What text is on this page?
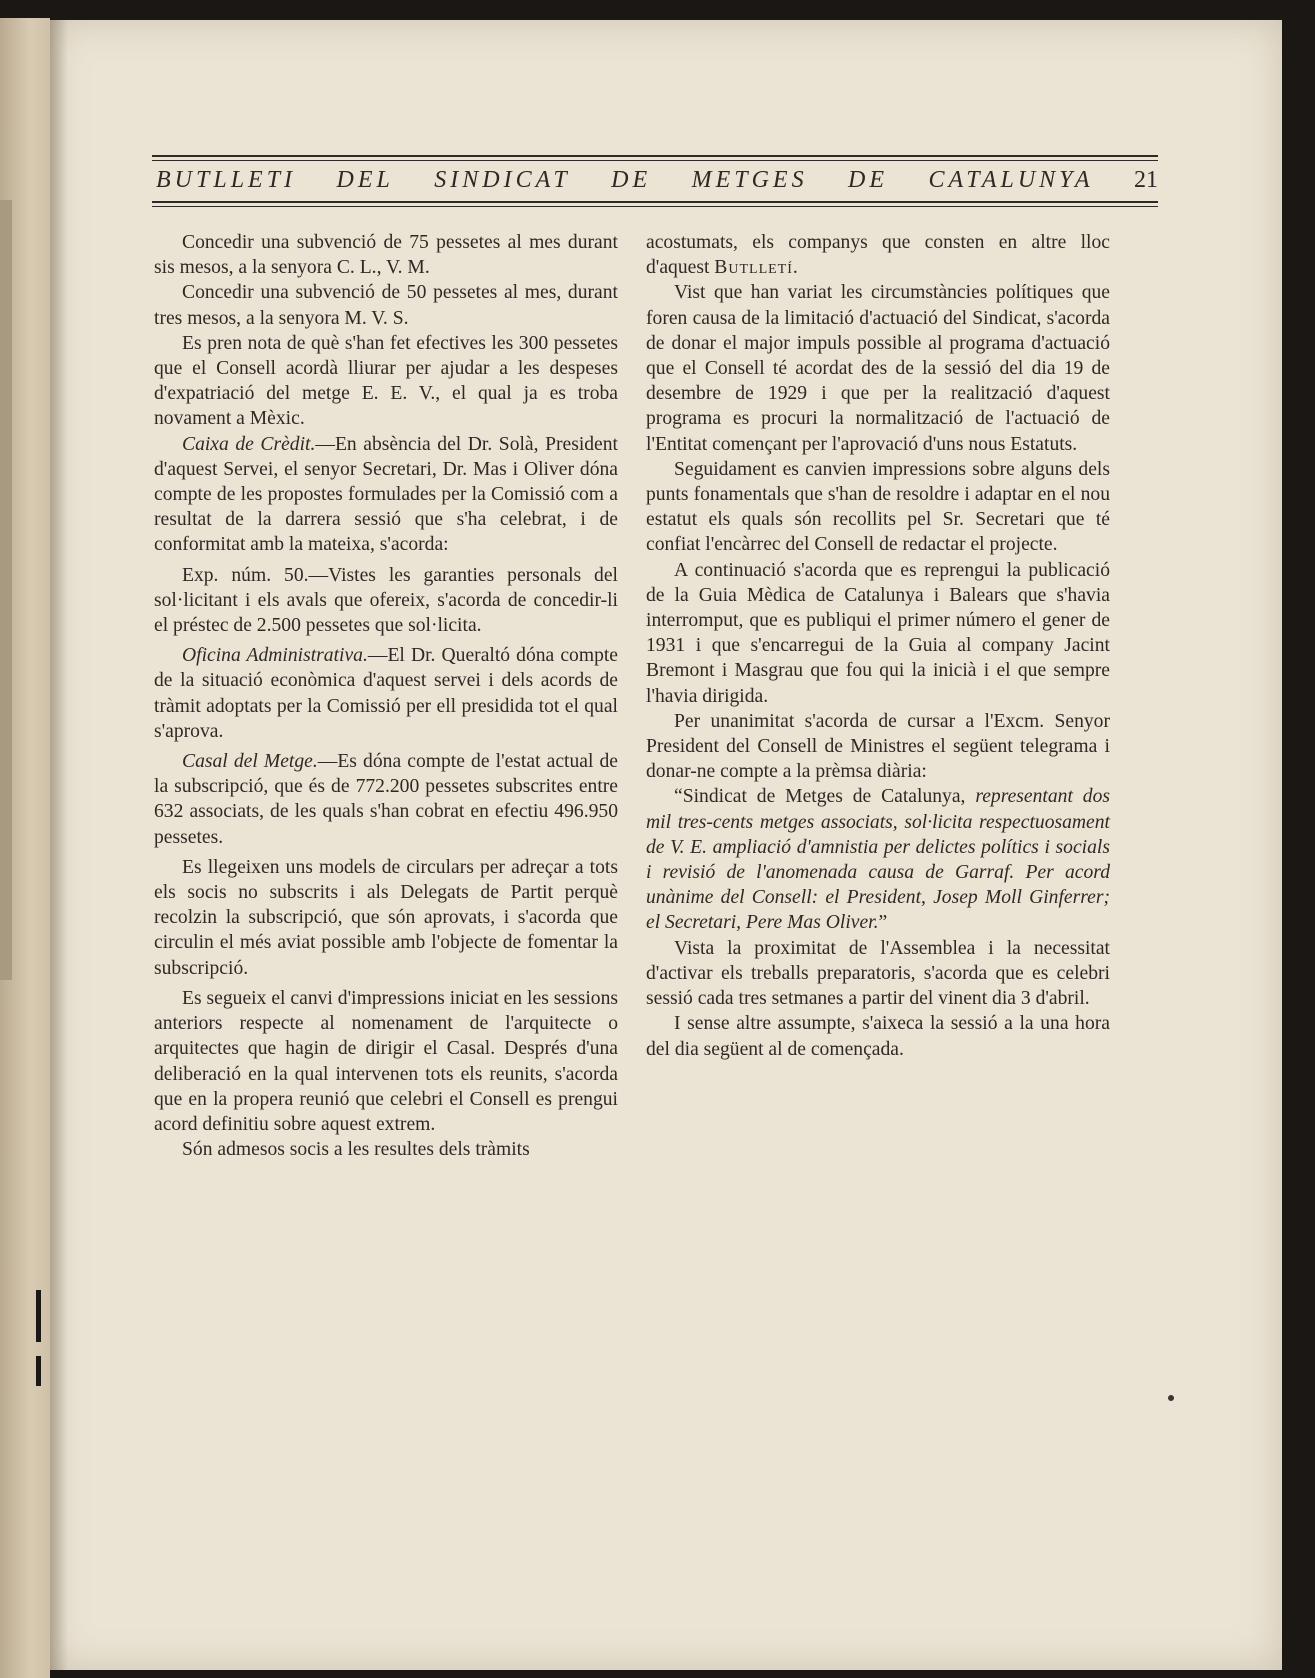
BUTLLETI DEL SINDICAT DE METGES DE CATALUNYA 21

Concedir una subvenció de 75 pessetes al mes durant sis mesos, a la senyora C. L., V. M.

Concedir una subvenció de 50 pessetes al mes, durant tres mesos, a la senyora M. V. S.

Es pren nota de què s'han fet efectives les 300 pessetes que el Consell acordà lliurar per ajudar a les despeses d'expatriació del metge E. E. V., el qual ja es troba novament a Mèxic.

Caixa de Crèdit.—En absència del Dr. Solà, President d'aquest Servei, el senyor Secretari, Dr. Mas i Oliver dóna compte de les propostes formulades per la Comissió com a resultat de la darrera sessió que s'ha celebrat, i de conformitat amb la mateixa, s'acorda:

Exp. núm. 50.—Vistes les garanties personals del sol·licitant i els avals que ofereix, s'acorda de concedir-li el préstec de 2.500 pessetes que sol·licita.

Oficina Administrativa.—El Dr. Queraltó dóna compte de la situació econòmica d'aquest servei i dels acords de tràmit adoptats per la Comissió per ell presidida tot el qual s'aprova.

Casal del Metge.—Es dóna compte de l'estat actual de la subscripció, que és de 772.200 pessetes subscrites entre 632 associats, de les quals s'han cobrat en efectiu 496.950 pessetes.

Es llegeixen uns models de circulars per adreçar a tots els socis no subscrits i als Delegats de Partit perquè recolzin la subscripció, que són aprovats, i s'acorda que circulin el més aviat possible amb l'objecte de fomentar la subscripció.

Es segueix el canvi d'impressions iniciat en les sessions anteriors respecte al nomenament de l'arquitecte o arquitectes que hagin de dirigir el Casal. Després d'una deliberació en la qual intervenen tots els reunits, s'acorda que en la propera reunió que celebri el Consell es prengui acord definitiu sobre aquest extrem.

Són admesos socis a les resultes dels tràmits

acostumats, els companys que consten en altre lloc d'aquest Butlletí.

Vist que han variat les circumstàncies polítiques que foren causa de la limitació d'actuació del Sindicat, s'acorda de donar el major impuls possible al programa d'actuació que el Consell té acordat des de la sessió del dia 19 de desembre de 1929 i que per la realització d'aquest programa es procuri la normalització de l'actuació de l'Entitat començant per l'aprovació d'uns nous Estatuts.

Seguidament es canvien impressions sobre alguns dels punts fonamentals que s'han de resoldre i adaptar en el nou estatut els quals són recollits pel Sr. Secretari que té confiat l'encàrrec del Consell de redactar el projecte.

A continuació s'acorda que es reprengui la publicació de la Guia Mèdica de Catalunya i Balears que s'havia interromput, que es publiqui el primer número el gener de 1931 i que s'encarregui de la Guia al company Jacint Bremont i Masgrau que fou qui la inicià i el que sempre l'havia dirigida.

Per unanimitat s'acorda de cursar a l'Excm. Senyor President del Consell de Ministres el següent telegrama i donar-ne compte a la prèmsa diària:

“Sindicat de Metges de Catalunya, representant dos mil tres-cents metges associats, sol·licita respectuosament de V. E. ampliació d'amnistia per delictes polítics i socials i revisió de l'anomenada causa de Garraf. Per acord unànime del Consell: el President, Josep Moll Ginferrer; el Secretari, Pere Mas Oliver.”

Vista la proximitat de l'Assemblea i la necessitat d'activar els treballs preparatoris, s'acorda que es celebri sessió cada tres setmanes a partir del vinent dia 3 d'abril.

I sense altre assumpte, s'aixeca la sessió a la una hora del dia següent al de començada.
